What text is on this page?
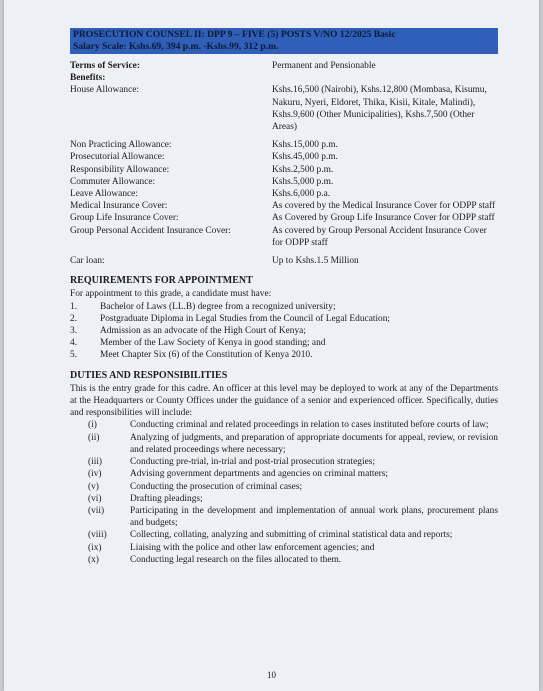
PROSECUTION COUNSEL II: DPP 9 – FIVE (5) POSTS V/NO 12/2025 Basic
Salary Scale: Kshs.69, 394 p.m. -Kshs.99, 312 p.m.
Terms of Service:	Permanent and Pensionable
Benefits:
House Allowance:	Kshs.16,500 (Nairobi), Kshs.12,800 (Mombasa, Kisumu, Nakuru, Nyeri, Eldoret, Thika, Kisii, Kitale, Malindi), Kshs.9,600 (Other Municipalities), Kshs.7,500 (Other Areas)
Non Practicing Allowance:	Kshs.15,000 p.m.
Prosecutorial Allowance:	Kshs.45,000 p.m.
Responsibility Allowance:	Kshs.2,500 p.m.
Commuter Allowance:	Kshs.5,000 p.m.
Leave Allowance:	Kshs.6,000 p.a.
Medical Insurance Cover:	As covered by the Medical Insurance Cover for ODPP staff
Group Life Insurance Cover:	As Covered by Group Life Insurance Cover for ODPP staff
Group Personal Accident Insurance Cover:	As covered by Group Personal Accident Insurance Cover for ODPP staff
Car loan:	Up to Kshs.1.5 Million
REQUIREMENTS FOR APPOINTMENT

For appointment to this grade, a candidate must have:

1.	Bachelor of Laws (LL.B) degree from a recognized university;
2.	Postgraduate Diploma in Legal Studies from the Council of Legal Education;
3.	Admission as an advocate of the High Court of Kenya;
4.	Member of the Law Society of Kenya in good standing; and
5.	Meet Chapter Six (6) of the Constitution of Kenya 2010.
DUTIES AND RESPONSIBILITIES

This is the entry grade for this cadre. An officer at this level may be deployed to work at any of the Departments at the Headquarters or County Offices under the guidance of a senior and experienced officer. Specifically, duties and responsibilities will include:

(i)	Conducting criminal and related proceedings in relation to cases instituted before courts of law;
(ii)	Analyzing of judgments, and preparation of appropriate documents for appeal, review, or revision and related proceedings where necessary;
(iii)	Conducting pre-trial, in-trial and post-trial prosecution strategies;
(iv)	Advising government departments and agencies on criminal matters;
(v)	Conducting the prosecution of criminal cases;
(vi)	Drafting pleadings;
(vii)	Participating in the development and implementation of annual work plans, procurement plans and budgets;
(viii)	Collecting, collating, analyzing and submitting of criminal statistical data and reports;
(ix)	Liaising with the police and other law enforcement agencies; and
(x)	Conducting legal research on the files allocated to them.
10
